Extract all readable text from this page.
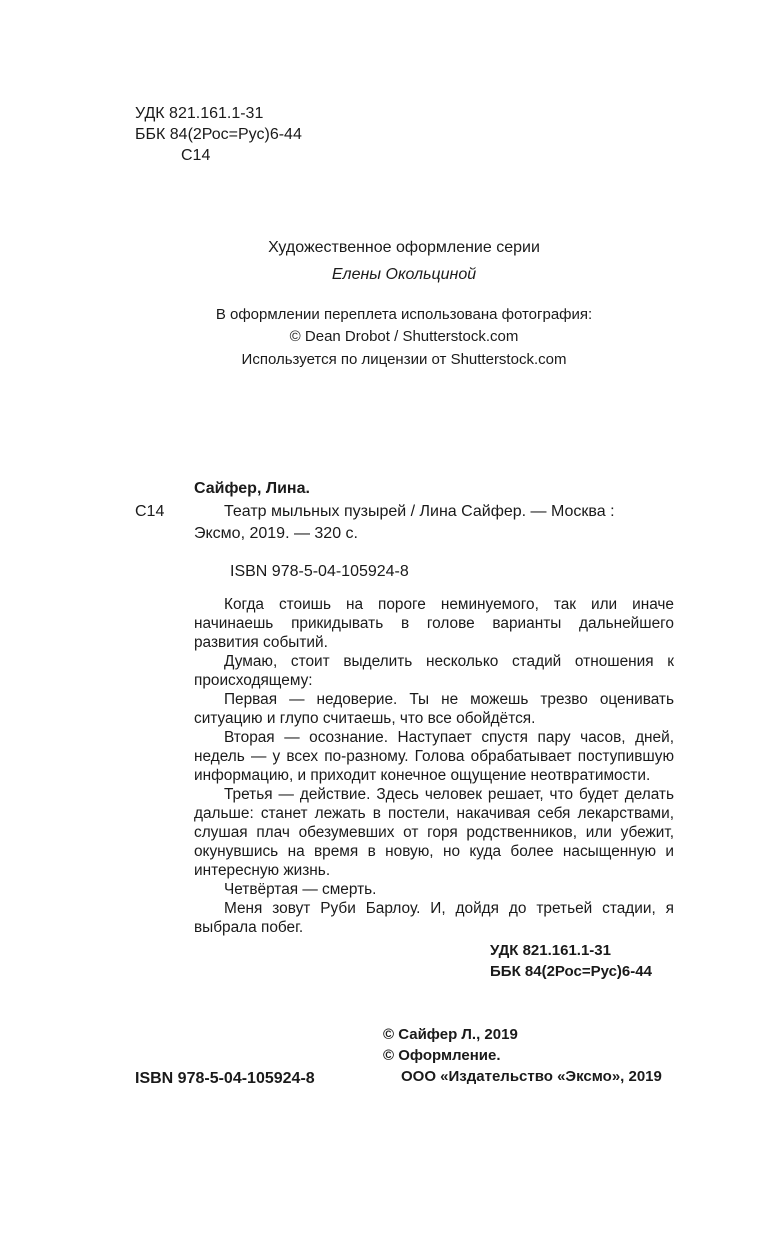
УДК 821.161.1-31
ББК 84(2Рос=Рус)6-44
С14
Художественное оформление серии
Елены Окольциной
В оформлении переплета использована фотография:
© Dean Drobot / Shutterstock.com
Используется по лицензии от Shutterstock.com
Сайфер, Лина.
С14	Театр мыльных пузырей / Лина Сайфер. — Москва :
Эксмо, 2019. — 320 с.
ISBN 978-5-04-105924-8

Когда стоишь на пороге неминуемого, так или иначе начинаешь прикидывать в голове варианты дальнейшего развития событий.

Думаю, стоит выделить несколько стадий отношения к происходящему:

Первая — недоверие. Ты не можешь трезво оценивать ситуацию и глупо считаешь, что все обойдётся.

Вторая — осознание. Наступает спустя пару часов, дней, недель — у всех по-разному. Голова обрабатывает поступившую информацию, и приходит конечное ощущение неотвратимости.

Третья — действие. Здесь человек решает, что будет делать дальше: станет лежать в постели, накачивая себя лекарствами, слушая плач обезумевших от горя родственников, или убежит, окунувшись на время в новую, но куда более насыщенную и интересную жизнь.

Четвёртая — смерть.

Меня зовут Руби Барлоу. И, дойдя до третьей стадии, я выбрала побег.

УДК 821.161.1-31
ББК 84(2Рос=Рус)6-44
© Сайфер Л., 2019
© Оформление.
ООО «Издательство «Эксмо», 2019
ISBN 978-5-04-105924-8
